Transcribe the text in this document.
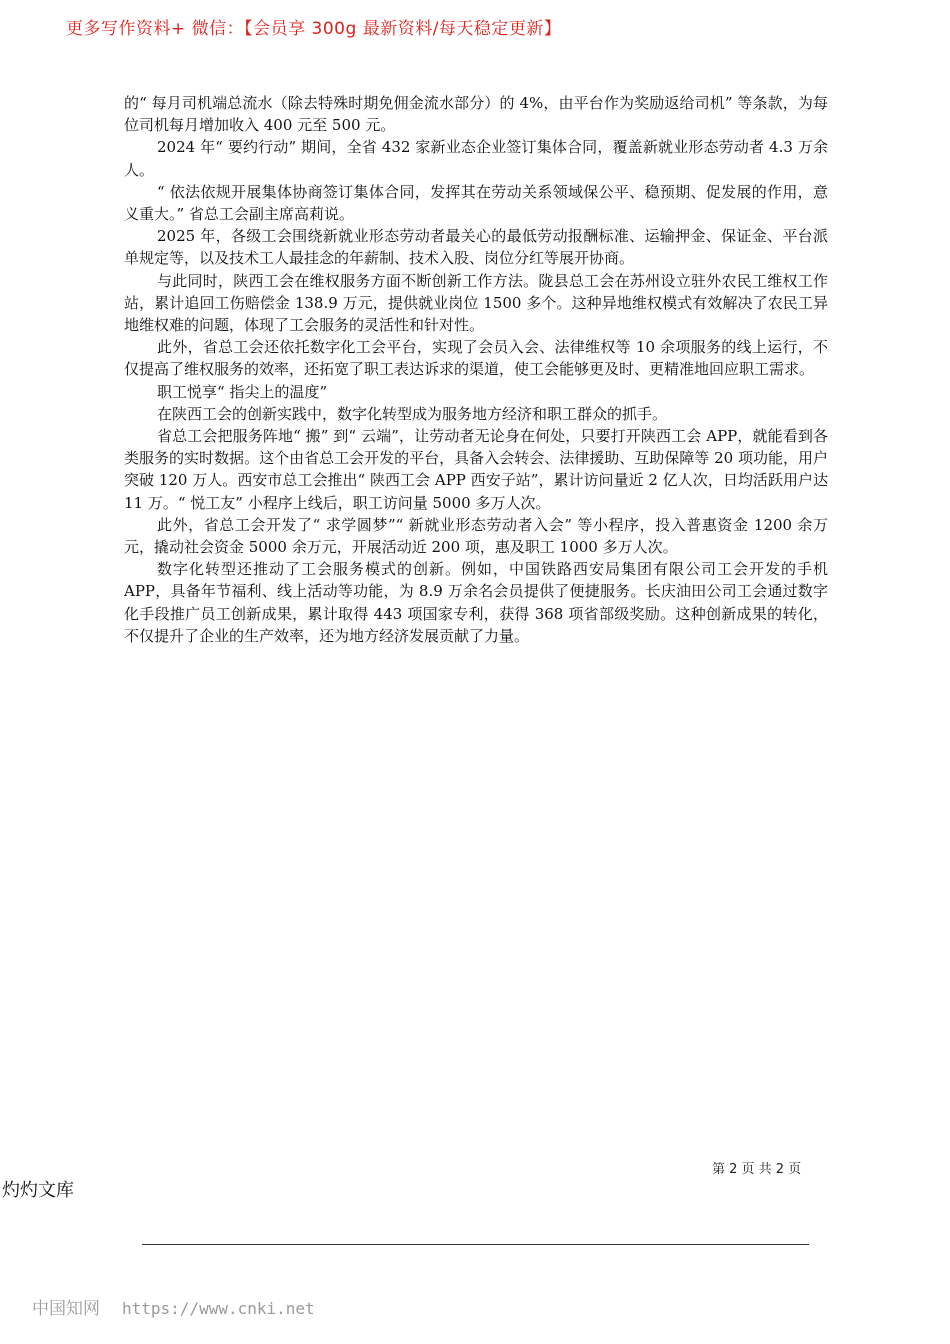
更多写作资料+ 微信：【会员享 300g 最新资料/每天稳定更新】

的“ 每月司机端总流水（除去特殊时期免佣金流水部分）的 4%，由平台作为奖励返给司机” 等条款，为每位司机每月增加收入 400 元至 500 元。

2024 年“ 要约行动” 期间，全省 432 家新业态企业签订集体合同，覆盖新就业形态劳动者 4.3 万余人。

“ 依法依规开展集体协商签订集体合同，发挥其在劳动关系领域保公平、稳预期、促发展的作用，意义重大。” 省总工会副主席高莉说。

2025 年，各级工会围绕新就业形态劳动者最关心的最低劳动报酬标准、运输押金、保证金、平台派单规定等，以及技术工人最挂念的年薪制、技术入股、岗位分红等展开协商。

与此同时，陕西工会在维权服务方面不断创新工作方法。陇县总工会在苏州设立驻外农民工维权工作站，累计追回工伤赔偿金 138.9 万元，提供就业岗位 1500 多个。这种异地维权模式有效解决了农民工异地维权难的问题，体现了工会服务的灵活性和针对性。

此外，省总工会还依托数字化工会平台，实现了会员入会、法律维权等 10 余项服务的线上运行，不仅提高了维权服务的效率，还拓宽了职工表达诉求的渠道，使工会能够更及时、更精准地回应职工需求。

职工悦享“ 指尖上的温度”

在陕西工会的创新实践中，数字化转型成为服务地方经济和职工群众的抓手。

省总工会把服务阵地“ 搬” 到“ 云端”，让劳动者无论身在何处，只要打开陕西工会 APP，就能看到各类服务的实时数据。这个由省总工会开发的平台，具备入会转会、法律援助、互助保障等 20 项功能，用户突破 120 万人。西安市总工会推出“ 陕西工会 APP 西安子站”，累计访问量近 2 亿人次，日均活跃用户达 11 万。“ 悦工友” 小程序上线后，职工访问量 5000 多万人次。

此外，省总工会开发了“ 求学圆梦”“ 新就业形态劳动者入会” 等小程序，投入普惠资金 1200 余万元，撬动社会资金 5000 余万元，开展活动近 200 项，惠及职工 1000 多万人次。

数字化转型还推动了工会服务模式的创新。例如，中国铁路西安局集团有限公司工会开发的手机 APP，具备年节福利、线上活动等功能，为 8.9 万余名会员提供了便捷服务。长庆油田公司工会通过数字化手段推广员工创新成果，累计取得 443 项国家专利，获得 368 项省部级奖励。这种创新成果的转化，不仅提升了企业的生产效率，还为地方经济发展贡献了力量。

第 2 页 共 2 页
灼灼文库
中国知网 https://www.cnki.net
